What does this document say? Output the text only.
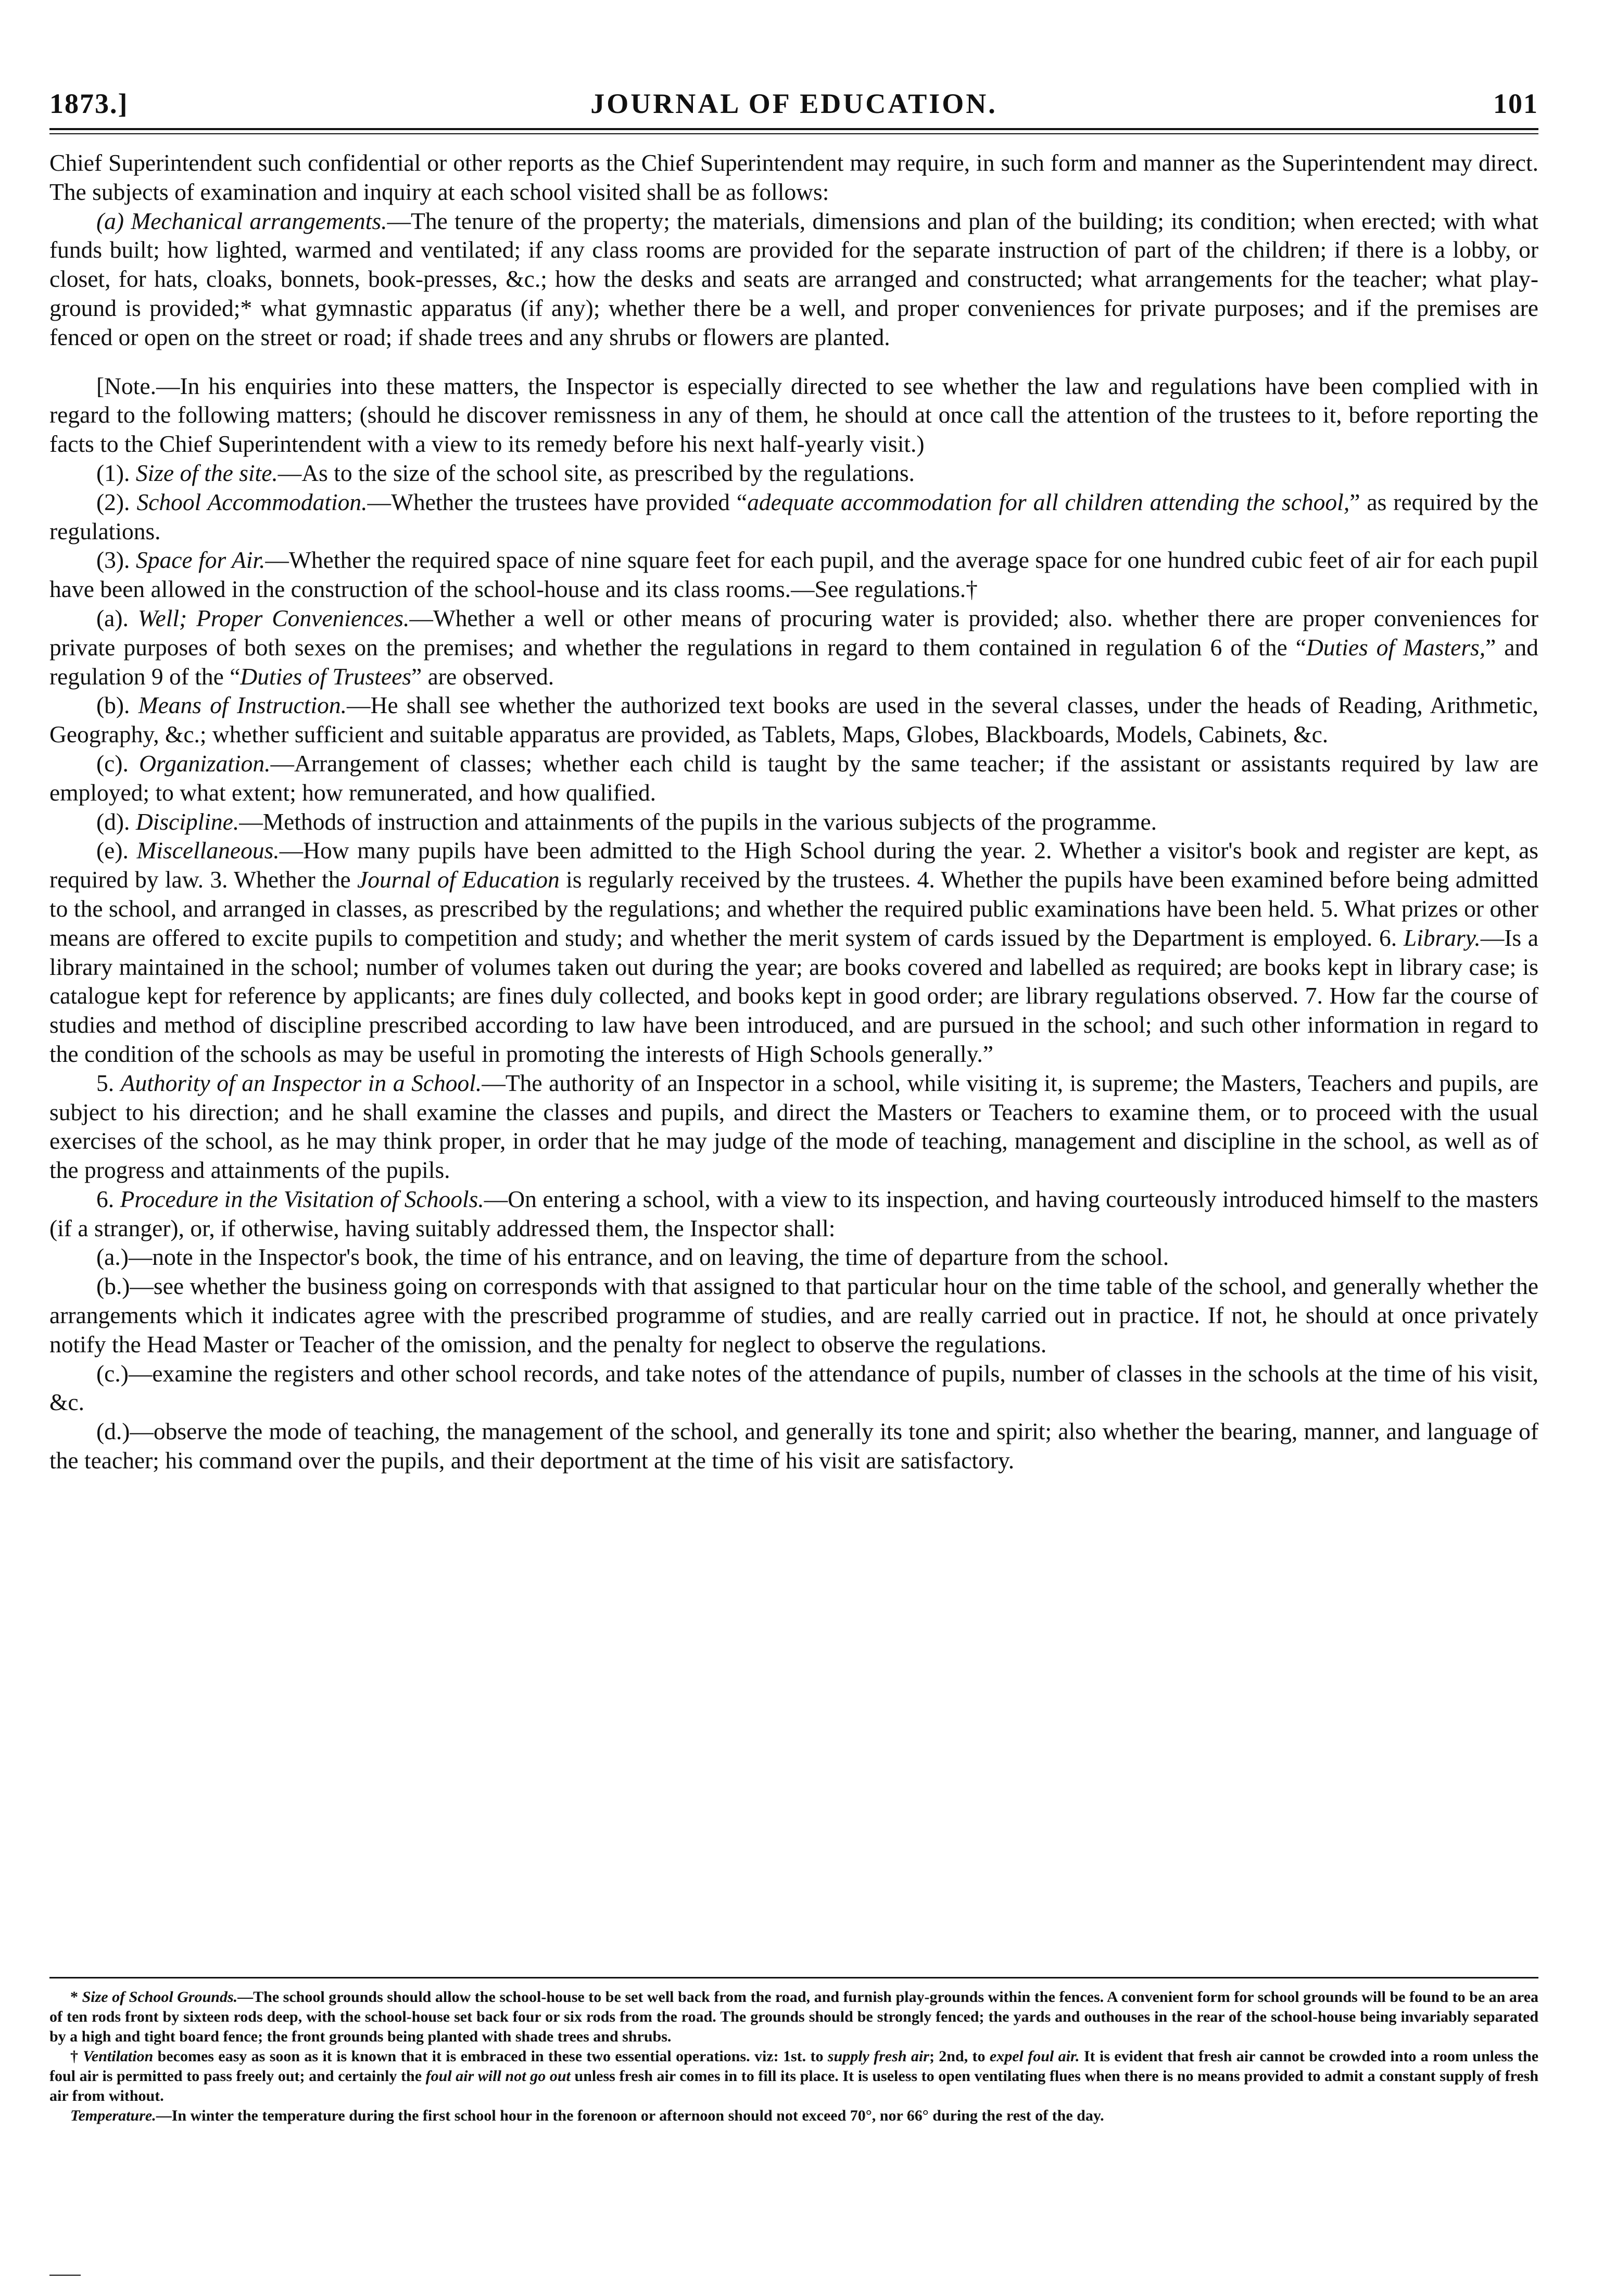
1873.]	JOURNAL OF EDUCATION.	101

Chief Superintendent such confidential or other reports as the Chief Superintendent may require, in such form and manner as the Superintendent may direct. The subjects of examination and inquiry at each school visited shall be as follows:

(a) Mechanical arrangements.—The tenure of the property; the materials, dimensions and plan of the building; its condition; when erected; with what funds built; how lighted, warmed and ventilated; if any class rooms are provided for the separate instruction of part of the children; if there is a lobby, or closet, for hats, cloaks, bonnets, book-presses, &c.; how the desks and seats are arranged and constructed; what arrangements for the teacher; what play-ground is provided;* what gymnastic apparatus (if any); whether there be a well, and proper conveniences for private purposes; and if the premises are fenced or open on the street or road; if shade trees and any shrubs or flowers are planted.

[Note.—In his enquiries into these matters, the Inspector is especially directed to see whether the law and regulations have been complied with in regard to the following matters; (should he discover remissness in any of them, he should at once call the attention of the trustees to it, before reporting the facts to the Chief Superintendent with a view to its remedy before his next half-yearly visit.)

(1). Size of the site.—As to the size of the school site, as prescribed by the regulations.

(2). School Accommodation.—Whether the trustees have provided “adequate accommodation for all children attending the school,” as required by the regulations.

(3). Space for Air.—Whether the required space of nine square feet for each pupil, and the average space for one hundred cubic feet of air for each pupil have been allowed in the construction of the school-house and its class rooms.—See regulations.†

(a). Well; Proper Conveniences.—Whether a well or other means of procuring water is provided; also. whether there are proper conveniences for private purposes of both sexes on the premises; and whether the regulations in regard to them contained in regulation 6 of the “Duties of Masters,” and regulation 9 of the “Duties of Trustees” are observed.

(b). Means of Instruction.—He shall see whether the authorized text books are used in the several classes, under the heads of Reading, Arithmetic, Geography, &c.; whether sufficient and suitable apparatus are provided, as Tablets, Maps, Globes, Blackboards, Models, Cabinets, &c.

(c). Organization.—Arrangement of classes; whether each child is taught by the same teacher; if the assistant or assistants required by law are employed; to what extent; how remunerated, and how qualified.

(d). Discipline.—Methods of instruction and attainments of the pupils in the various subjects of the programme.

(e). Miscellaneous.—How many pupils have been admitted to the High School during the year. 2. Whether a visitor's book and register are kept, as required by law. 3. Whether the Journal of Education is regularly received by the trustees. 4. Whether the pupils have been examined before being admitted to the school, and arranged in classes, as prescribed by the regulations; and whether the required public examinations have been held. 5. What prizes or other means are offered to excite pupils to competition and study; and whether the merit system of cards issued by the Department is employed. 6. Library.—Is a library maintained in the school; number of volumes taken out during the year; are books covered and labelled as required; are books kept in library case; is catalogue kept for reference by applicants; are fines duly collected, and books kept in good order; are library regulations observed. 7. How far the course of studies and method of discipline prescribed according to law have been introduced, and are pursued in the school; and such other information in regard to the condition of the schools as may be useful in promoting the interests of High Schools generally.”

5. Authority of an Inspector in a School.—The authority of an Inspector in a school, while visiting it, is supreme; the Masters, Teachers and pupils, are subject to his direction; and he shall examine the classes and pupils, and direct the Masters or Teachers to examine them, or to proceed with the usual exercises of the school, as he may think proper, in order that he may judge of the mode of teaching, management and discipline in the school, as well as of the progress and attainments of the pupils.

6. Procedure in the Visitation of Schools.—On entering a school, with a view to its inspection, and having courteously introduced himself to the masters (if a stranger), or, if otherwise, having suitably addressed them, the Inspector shall:

(a.)—note in the Inspector's book, the time of his entrance, and on leaving, the time of departure from the school.

(b.)—see whether the business going on corresponds with that assigned to that particular hour on the time table of the school, and generally whether the arrangements which it indicates agree with the prescribed programme of studies, and are really carried out in practice. If not, he should at once privately notify the Head Master or Teacher of the omission, and the penalty for neglect to observe the regulations.

(c.)—examine the registers and other school records, and take notes of the attendance of pupils, number of classes in the schools at the time of his visit, &c.

(d.)—observe the mode of teaching, the management of the school, and generally its tone and spirit; also whether the bearing, manner, and language of the teacher; his command over the pupils, and their deportment at the time of his visit are satisfactory.

* Size of School Grounds.—The school grounds should allow the school-house to be set well back from the road, and furnish play-grounds within the fences. A convenient form for school grounds will be found to be an area of ten rods front by sixteen rods deep, with the school-house set back four or six rods from the road. The grounds should be strongly fenced; the yards and outhouses in the rear of the school-house being invariably separated by a high and tight board fence; the front grounds being planted with shade trees and shrubs.

† Ventilation becomes easy as soon as it is known that it is embraced in these two essential operations. viz: 1st. to supply fresh air; 2nd, to expel foul air. It is evident that fresh air cannot be crowded into a room unless the foul air is permitted to pass freely out; and certainly the foul air will not go out unless fresh air comes in to fill its place. It is useless to open ventilating flues when there is no means provided to admit a constant supply of fresh air from without.

Temperature.—In winter the temperature during the first school hour in the forenoon or afternoon should not exceed 70°, nor 66° during the rest of the day.
